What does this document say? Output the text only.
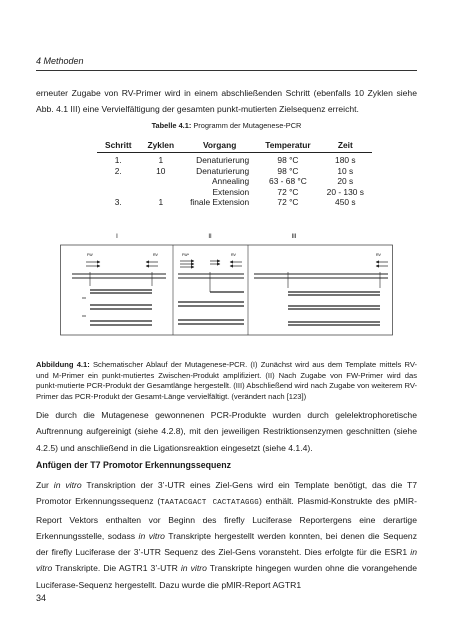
4 Methoden
erneuter Zugabe von RV-Primer wird in einem abschließenden Schritt (ebenfalls 10 Zyklen siehe Abb. 4.1 III) eine Vervielfältigung der gesamten punkt-mutierten Zielsequenz erreicht.
Tabelle 4.1: Programm der Mutagenese-PCR
Schritt	Zyklen	Vorgang	Temperatur	Zeit
1.	1	Denaturierung	98 °C	180 s
2.	10	Denaturierung	98 °C	10 s
		Annealing	63 - 68 °C	20 s
		Extension	72 °C	20 - 130 s
3.	1	finale Extension	72 °C	450 s
I	II	III
FW	RV	FW*	RV	RV
Abbildung 4.1: Schematischer Ablauf der Mutagenese-PCR. (I) Zunächst wird aus dem Template mittels RV- und M-Primer ein punkt-mutiertes Zwischen-Produkt amplifiziert. (II) Nach Zugabe von FW-Primer wird das punkt-mutierte PCR-Produkt der Gesamtlänge hergestellt. (III) Abschließend wird nach Zugabe von weiterem RV-Primer das PCR-Produkt der Gesamt-Länge vervielfältigt. (verändert nach [123])
Die durch die Mutagenese gewonnenen PCR-Produkte wurden durch gelelektrophoretische Auftrennung aufgereinigt (siehe 4.2.8), mit den jeweiligen Restriktionsenzymen geschnitten (siehe 4.2.5) und anschließend in die Ligationsreaktion eingesetzt (siehe 4.1.4).
Anfügen der T7 Promotor Erkennungssequenz
Zur in vitro Transkription der 3’-UTR eines Ziel-Gens wird ein Template benötigt, das die T7 Promotor Erkennungssequenz (TAATACGACT CACTATAGGG) enthält. Plasmid-Konstrukte des pMIR-Report Vektors enthalten vor Beginn des firefly Luciferase Reportergens eine derartige Erkennungsstelle, sodass in vitro Transkripte hergestellt werden konnten, bei denen die Sequenz der firefly Luciferase der 3’-UTR Sequenz des Ziel-Gens voransteht. Dies erfolgte für die ESR1 in vitro Transkripte. Die AGTR1 3’-UTR in vitro Transkripte hingegen wurden ohne die vorangehende Luciferase-Sequenz hergestellt. Dazu wurde die pMIR-Report AGTR1
34
